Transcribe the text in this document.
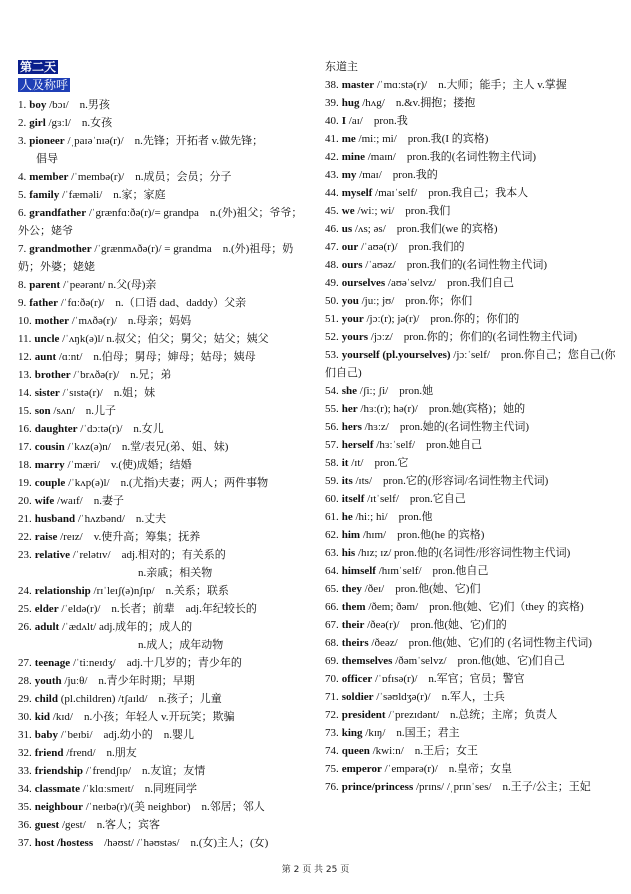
第二天
人及称呼
1. boy /bɔɪ/　n.男孩
2. girl /gɜːl/　n.女孩
3. pioneer /ˌpaɪəˈnɪə(r)/　n.先锋；开拓者 v.做先锋；
倡导
4. member /ˈmembə(r)/　n.成员；会员；分子
5. family /ˈfæməli/　n.家；家庭
6. grandfather /ˈgrænfɑːðə(r)/= grandpa　n.(外)祖父；爷爷；外公；姥爷
7. grandmother /ˈgrænmʌðə(r)/ = grandma　n.(外)祖母；奶奶；外婆；姥姥
8. parent /ˈpeərənt/ n.父(母)亲
9. father /ˈfɑːðə(r)/　n.（口语 dad、daddy）父亲
10. mother /ˈmʌðə(r)/　n.母亲；妈妈
11. uncle /ˈʌŋk(ə)l/ n.叔父；伯父；舅父；姑父；姨父
12. aunt /ɑːnt/　n.伯母；舅母；婶母；姑母；姨母
13. brother /ˈbrʌðə(r)/　n.兄；弟
14. sister /ˈsɪstə(r)/　n.姐；妹
15. son /sʌn/　n.儿子
16. daughter /ˈdɔːtə(r)/　n.女儿
17. cousin /ˈkʌz(ə)n/　n.堂/表兄(弟、姐、妹)
18. marry /ˈmæri/　v.(使)成婚；结婚
19. couple /ˈkʌp(ə)l/　n.(尤指)夫妻；两人；两件事物
20. wife /waɪf/　n.妻子
21. husband /ˈhʌzbənd/　n.丈夫
22. raise /reɪz/　v.使升高；筹集；抚养
23. relative /ˈrelətɪv/　adj.相对的；有关系的
n.亲戚；相关物
24. relationship /rɪˈleɪʃ(ə)nʃɪp/　n.关系；联系
25. elder /ˈeldə(r)/　n.长者；前辈　adj.年纪较长的
26. adult /ˈædʌlt/ adj.成年的；成人的
n.成人；成年动物
27. teenage /ˈtiːneɪdʒ/　adj.十几岁的；青少年的
28. youth /juːθ/　n.青少年时期；早期
29. child (pl.children) /tʃaɪld/　n.孩子；儿童
30. kid /kɪd/　n.小孩；年轻人 v.开玩笑；欺骗
31. baby /ˈbeɪbi/　adj.幼小的　n.婴儿
32. friend /frend/　n.朋友
33. friendship /ˈfrendʃɪp/　n.友谊；友情
34. classmate /ˈklɑːsmeɪt/　n.同班同学
35. neighbour /ˈneɪbə(r)/(美 neighbor)　n.邻居；邻人
36. guest /gest/　n.客人；宾客
37. host /hostess　/həʊst/ /ˈhəʊstəs/　n.(女)主人；(女)
东道主
38. master /ˈmɑːstə(r)/　n.大师；能手；主人 v.掌握
39. hug /hʌg/　n.&v.拥抱；搂抱
40. I /aɪ/　pron.我
41. me /miː; mi/　pron.我(I 的宾格)
42. mine /maɪn/　pron.我的(名词性物主代词)
43. my /maɪ/　pron.我的
44. myself /maɪˈself/　pron.我自己；我本人
45. we /wiː; wi/　pron.我们
46. us /ʌs; əs/　pron.我们(we 的宾格)
47. our /ˈaʊə(r)/　pron.我们的
48. ours /ˈaʊəz/　pron.我们的(名词性物主代词)
49. ourselves /aʊəˈselvz/　pron.我们自己
50. you /juː; jʊ/　pron.你；你们
51. your /jɔː(r); jə(r)/　pron.你的；你们的
52. yours /jɔːz/　pron.你的；你们的(名词性物主代词)
53. yourself (pl.yourselves) /jɔːˈself/　pron.你自己；您自己(你们自己)
54. she /ʃiː; ʃi/　pron.她
55. her /hɜː(r); hə(r)/　pron.她(宾格)；她的
56. hers /hɜːz/　pron.她的(名词性物主代词)
57. herself /hɜːˈself/　pron.她自己
58. it /ɪt/　pron.它
59. its /ɪts/　pron.它的(形容词/名词性物主代词)
60. itself /ɪtˈself/　pron.它自己
61. he /hiː; hi/　pron.他
62. him /hɪm/　pron.他(he 的宾格)
63. his /hɪz; ɪz/ pron.他的(名词性/形容词性物主代词)
64. himself /hɪmˈself/　pron.他自己
65. they /ðeɪ/　pron.他(她、它)们
66. them /ðem; ðəm/　pron.他(她、它)们（they 的宾格)
67. their /ðeə(r)/　pron.他(她、它)们的
68. theirs /ðeəz/　pron.他(她、它)们的 (名词性物主代词)
69. themselves /ðəmˈselvz/　pron.他(她、它)们自己
70. officer /ˈɒfɪsə(r)/　n.军官；官员；警官
71. soldier /ˈsəʊldʒə(r)/　n.军人，士兵
72. president /ˈprezɪdənt/　n.总统；主席；负责人
73. king /kɪŋ/　n.国王；君主
74. queen /kwiːn/　n.王后；女王
75. emperor /ˈempərə(r)/　n.皇帝；女皇
76. prince/princess /prɪns/ /ˌprɪnˈses/　n.王子/公主；王妃
第 2 页 共 25 页
